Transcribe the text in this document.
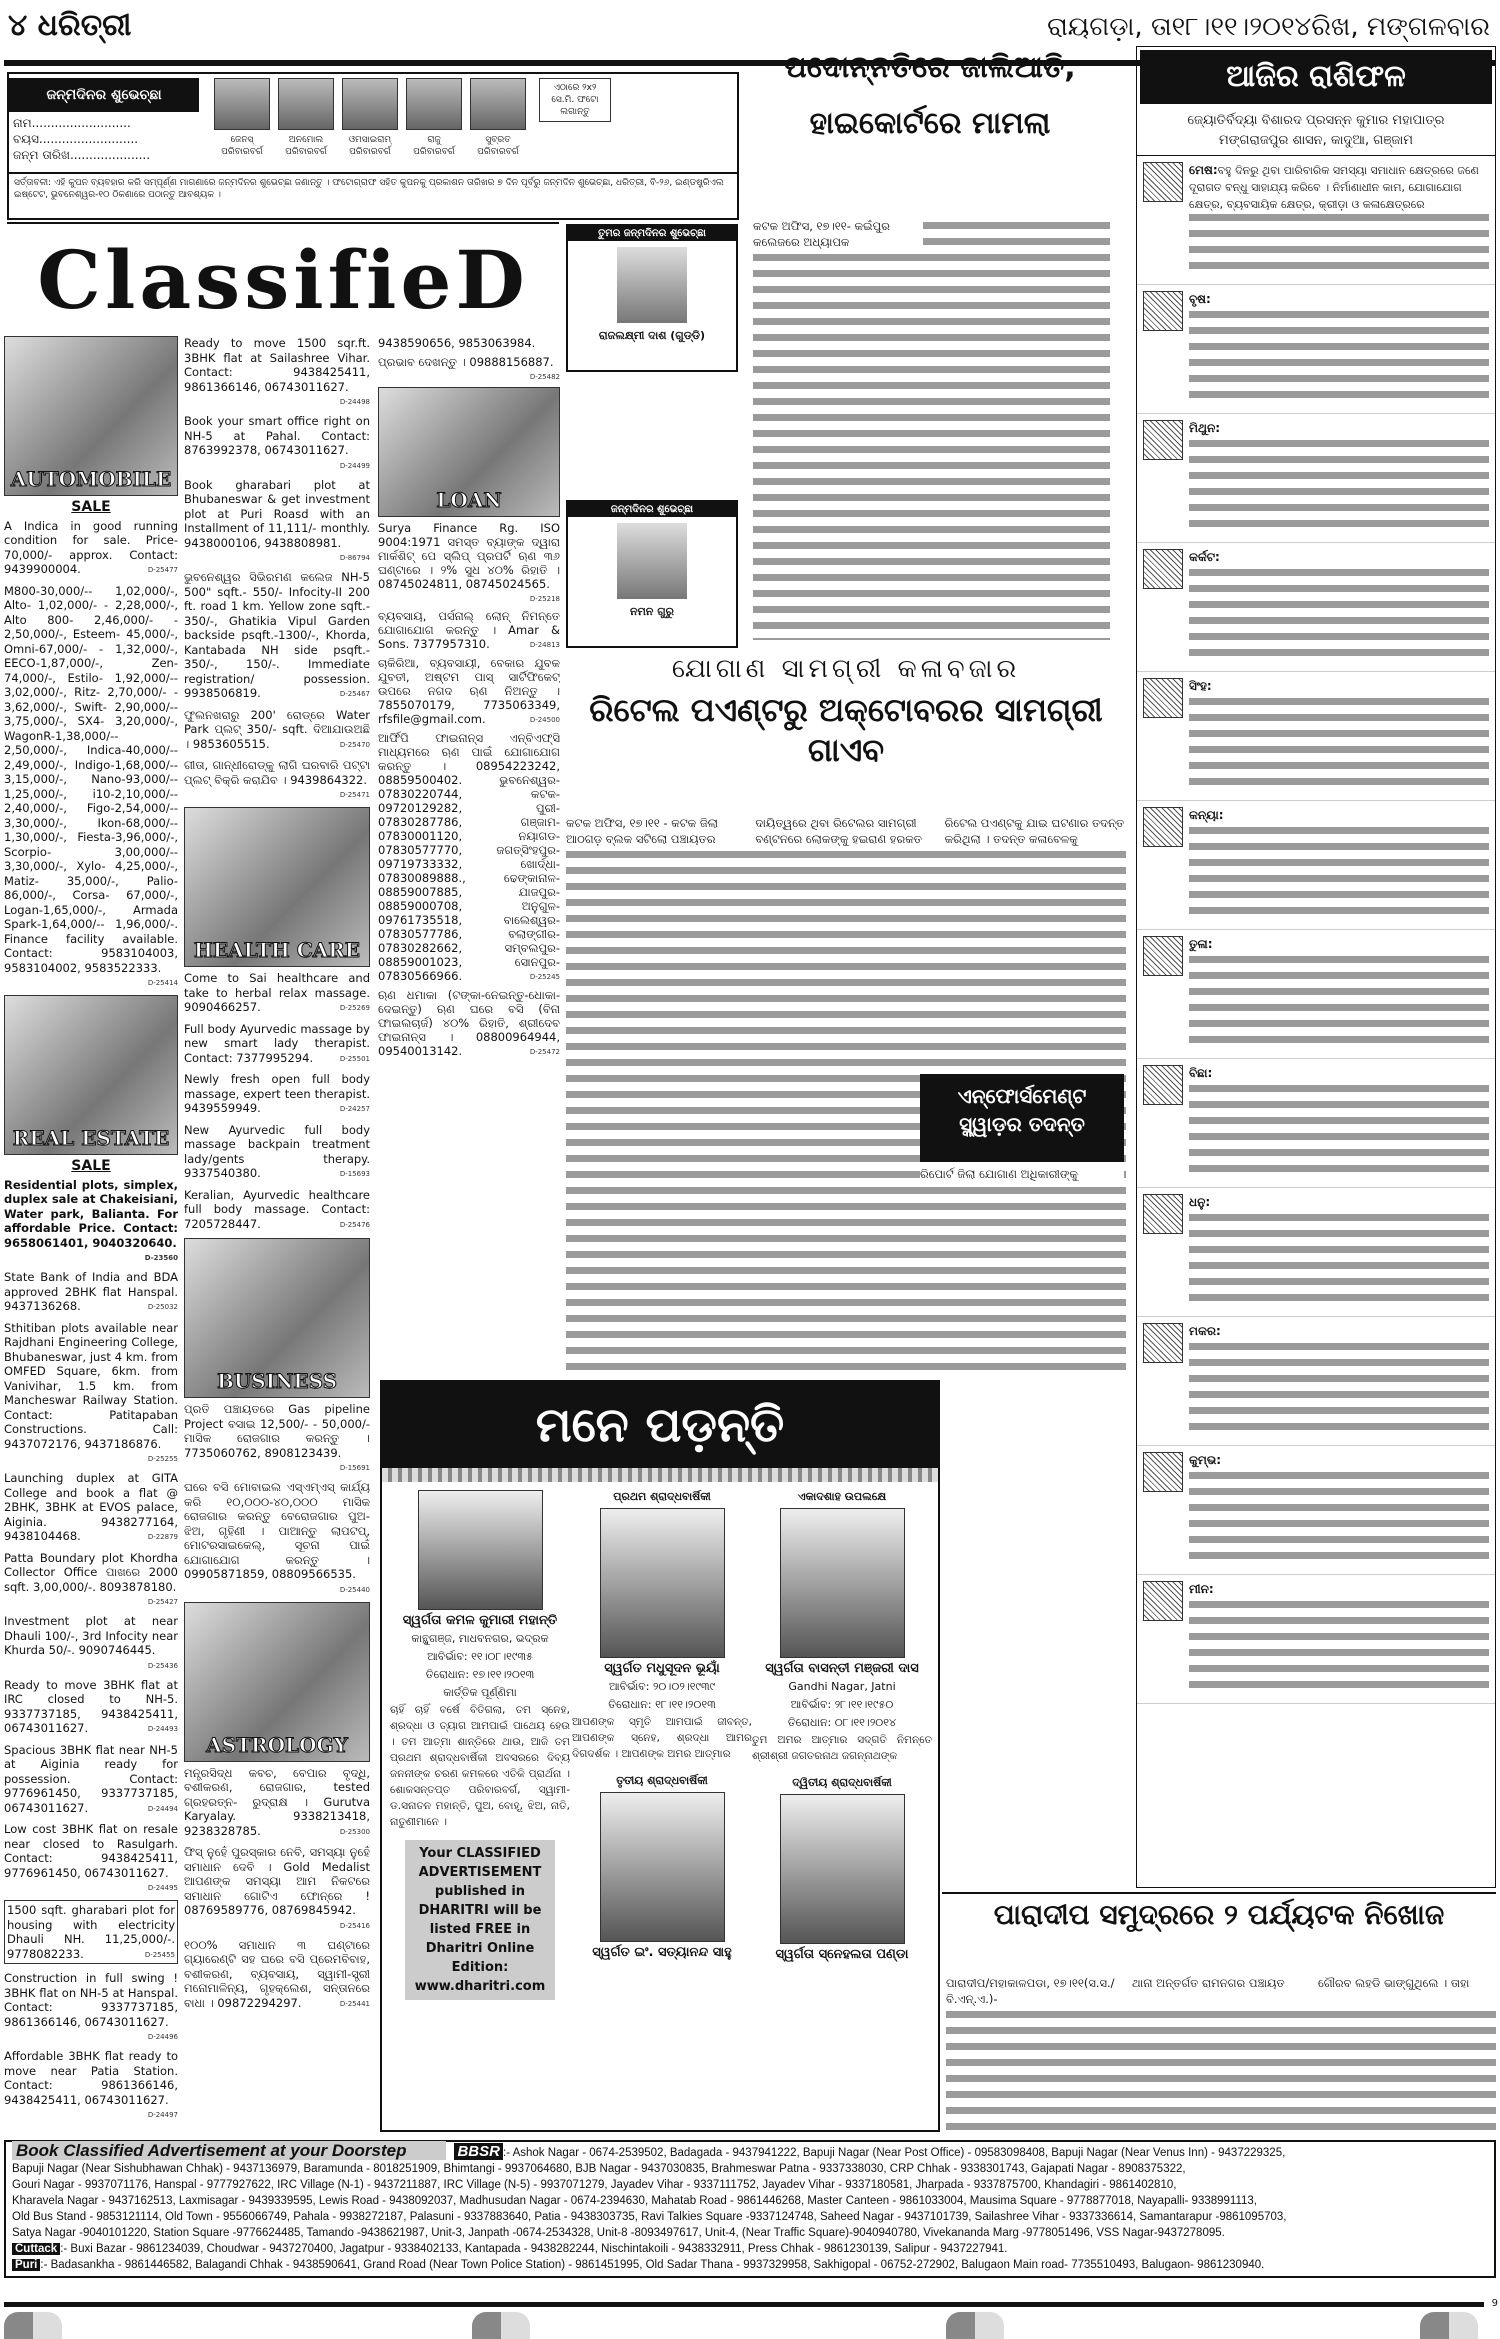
୪ ଧରିତ୍ରୀ	ରାୟଗଡ଼ା, ତା୧୮।୧୧।୨୦୧୪ରିଖ, ମଙ୍ଗଳବାର
ଜନ୍ମଦିନର ଶୁଭେଚ୍ଛା
ନାମ..........................
ବୟସ..........................
ଜନ୍ମ ତାରିଖ.....................
ଜେନସ୍
ପରିବାରବର୍ଗ
ଅନମୋଲ
ପରିବାରବର୍ଗ
ଓମସାଇରାମ୍
ପରିବାରବର୍ଗ
ରାଜୁ
ପରିବାରବର୍ଗ
ସୁବ୍ରତ
ପରିବାରବର୍ଗ
ଏଠାରେ ୨x୨ ସେ.ମି. ଫଟୋ ଲଗାନ୍ତୁ
ସର୍ତ୍ତାବଳୀ: ଏହି କୁପନ ବ୍ୟବହାର କରି ସମ୍ପୂର୍ଣ୍ଣ ମାଗଣାରେ ଜନ୍ମଦିନର ଶୁଭେଚ୍ଛା ଜଣାନ୍ତୁ । ଫଟୋଗ୍ରାଫ ସହିତ କୁପନକୁ ପ୍ରକାଶନ ତାରିଖର ୭ ଦିନ ପୂର୍ବରୁ ଜନ୍ମଦିନ ଶୁଭେଚ୍ଛା, ଧରିତ୍ରୀ, ବି-୨୬, ଇଣ୍ଡଷ୍ଟ୍ରିଏଲ ଇଷ୍ଟେଟ, ଭୁବନେଶ୍ୱର-୧୦ ଠିକଣାରେ ପଠାନ୍ତୁ ଆବଶ୍ୟକ ।
ପଦୋନ୍ନତିରେ ଜାଲିଆତି, ହାଇକୋର୍ଟରେ ମାମଲା
କଟକ ଅଫିସ, ୧୭।୧୧- କଇଁପୁର କଲେଜରେ ଅଧ୍ୟାପକ
ଆଜିର ରାଶିଫଳ
ଜ୍ୟୋତିର୍ବିଦ୍ୟା ବିଶାରଦ ପ୍ରସନ୍ନ କୁମାର ମହାପାତ୍ର
ମଙ୍ଗରାଜପୁର ଶାସନ, କାଦୁଆ, ଗଞ୍ଜାମ
ମେଷ:ବହୁ ଦିନରୁ ଥିବା ପାରିବାରିକ ସମସ୍ୟା ସମାଧାନ କ୍ଷେତ୍ରରେ ଜଣେ ଦୂରାଗତ ବନ୍ଧୁ ସାହାଯ୍ୟ କରିବେ । ନିର୍ମାଣାଧୀନ କାମ, ଯୋଗାଯୋଗ କ୍ଷେତ୍ର, ବ୍ୟବସାୟିକ କ୍ଷେତ୍ର, କ୍ରୀଡ଼ା ଓ କଳାକ୍ଷେତ୍ରରେ
ବୃଷ:
ମିଥୁନ:
କର୍କଟ:
ସିଂହ:
କନ୍ୟା:
ତୁଳା:
ବିଛା:
ଧନୁ:
ମକର:
କୁମ୍ଭ:
ମୀନ:
ClassifieD
AUTOMOBILE
SALE
A Indica in good running condition for sale. Price-70,000/- approx. Contact: 9439900004.	D-25477
M800-30,000/-- 1,02,000/-, Alto- 1,02,000/- - 2,28,000/-, Alto 800- 2,46,000/- - 2,50,000/-, Esteem- 45,000/-, Omni-67,000/- - 1,32,000/-, EECO-1,87,000/-, Zen- 74,000/-, Estilo- 1,92,000/-- 3,02,000/-, Ritz- 2,70,000/- - 3,62,000/-, Swift- 2,90,000/-- 3,75,000/-, SX4- 3,20,000/-, WagonR-1,38,000/-- 2,50,000/-, Indica-40,000/-- 2,49,000/-, Indigo-1,68,000/-- 3,15,000/-, Nano-93,000/-- 1,25,000/-, i10-2,10,000/-- 2,40,000/-, Figo-2,54,000/-- 3,30,000/-, Ikon-68,000/-- 1,30,000/-, Fiesta-3,96,000/-, Scorpio- 3,00,000/-- 3,30,000/-, Xylo- 4,25,000/-, Matiz- 35,000/-, Palio- 86,000/-, Corsa- 67,000/-, Logan-1,65,000/-, Armada Spark-1,64,000/-- 1,96,000/-. Finance facility available. Contact: 9583104003, 9583104002, 9583522333.
D-25414
REAL ESTATE
SALE
Residential plots, simplex, duplex sale at Chakeisiani, Water park, Balianta. For affordable Price. Contact: 9658061401, 9040320640.
D-23560
State Bank of India and BDA approved 2BHK flat Hanspal. 9437136268.	D-25032
Sthitiban plots available near Rajdhani Engineering College, Bhubaneswar, just 4 km. from OMFED Square, 6km. from Vanivihar, 1.5 km. from Mancheswar Railway Station. Contact: Patitapaban Constructions. Call: 9437072176, 9437186876.
D-25255
Launching duplex at GITA College and book a flat @ 2BHK, 3BHK at EVOS palace, Aiginia. 9438277164, 9438104468.	D-22879
Patta Boundary plot Khordha Collector Office ପାଖରେ 2000 sqft. 3,00,000/-. 8093878180.
D-25427
Investment plot at near Dhauli 100/-, 3rd Infocity near Khurda 50/-. 9090746445.
D-25436
Ready to move 3BHK flat at IRC closed to NH-5. 9337737185, 9438425411, 06743011627.	D-24493
Spacious 3BHK flat near NH-5 at Aiginia ready for possession. Contact: 9776961450, 9337737185, 06743011627.	D-24494
Low cost 3BHK flat on resale near closed to Rasulgarh. Contact: 9438425411, 9776961450, 06743011627.
D-24495
1500 sqft. gharabari plot for housing with electricity Dhauli NH. 11,25,000/-. 9778082233.	D-25455
Construction in full swing ! 3BHK flat on NH-5 at Hanspal. Contact: 9337737185, 9861366146, 06743011627.
D-24496
Affordable 3BHK flat ready to move near Patia Station. Contact: 9861366146, 9438425411, 06743011627.
D-24497
Ready to move 1500 sqr.ft. 3BHK flat at Sailashree Vihar. Contact: 9438425411, 9861366146, 06743011627.
D-24498
Book your smart office right on NH-5 at Pahal. Contact: 8763992378, 06743011627.
D-24499
Book gharabari plot at Bhubaneswar & get investment plot at Puri Roasd with an Installment of 11,111/- monthly. 9438000106, 9438808981.
D-86794
ଭୁବନେଶ୍ୱର ସିଭିରମଣ କଲେଜ NH-5 500" sqft.- 550/- Infocity-II 200 ft. road 1 km. Yellow zone sqft.- 350/-, Ghatikia Vipul Garden backside psqft.-1300/-, Khorda, Kantabada NH side psqft.- 350/-, 150/-. Immediate registration/ possession. 9938506819.	D-25467
ଫୁଲନଖରାରୁ 200' ରୋଡ୍‌ରେ Water Park ପ୍ଲଟ୍ 350/- sqft. ଦିଆଯାଉଅଛି । 9853605515.	D-25470
ଗୀତା, ଗାନ୍ଧୀରୋଡ୍‌କୁ ଲାଗି ଘରବାରି ପଟ୍ଟା ପ୍ଲଟ୍ ବିକ୍ରି କରାଯିବ । 9439864322.
D-25471
HEALTH CARE
Come to Sai healthcare and take to herbal relax massage. 9090466257.	D-25269
Full body Ayurvedic massage by new smart lady therapist. Contact: 7377995294.	D-25501
Newly fresh open full body massage, expert teen therapist. 9439559949.	D-24257
New Ayurvedic full body massage backpain treatment lady/gents therapy. 9337540380.	D-15693
Keralian, Ayurvedic healthcare full body massage. Contact: 7205728447.	D-25476
BUSINESS
ପ୍ରତି ପଞ୍ଚାୟତରେ Gas pipeline Project ବସାଇ 12,500/- - 50,000/- ମାସିକ ରୋଜଗାର କରନ୍ତୁ । 7735060762, 8908123439.
D-15691
ଘରେ ବସି ମୋବାଇଲ ଏସ୍‌ଏମ୍‌ଏସ୍ କାର୍ଯ୍ୟ କରି ୧୦,୦୦୦-୪୦,୦୦୦ ମାସିକ ରୋଜଗାର କରନ୍ତୁ ବେରୋଜଗାର ପୁଅ-ଝିଅ, ଗୃହିଣୀ । ପାଆନ୍ତୁ ଲାପଟପ୍, ମୋଟରସାଇକେଲ୍, ସୂଚନା ପାଇଁ ଯୋଗାଯୋଗ କରନ୍ତୁ । 09905871859, 08809566535.
D-25440
ASTROLOGY
ମନ୍ତ୍ରସିଦ୍ଧ କବଚ, ବେପାର ବୃଦ୍ଧି, ବଶୀକରଣ, ରୋଜଗାର, tested ଗ୍ରହରତ୍ନ- ରୁଦ୍ରାକ୍ଷ । Gurutva Karyalay. 9338213418, 9238328785.	D-25300
ଫିସ୍ ନୁହେଁ ପୁରସ୍କାର ନେବି, ସମସ୍ୟା ନୁହେଁ ସମାଧାନ ଦେବି । Gold Medalist ଆପଣଙ୍କ ସମସ୍ୟା ଆମ ନିକଟରେ ସମାଧାନ ଗୋଟିଏ ଫୋନ୍‌ରେ ! 08769589776, 08769845942.
D-25416
୧୦୦% ସମାଧାନ ୩ ଘଣ୍ଟାରେ ଗ୍ୟାରେଣ୍ଟି ସହ ଘରେ ବସି ପ୍ରେମବିବାହ, ବଶୀକରଣ, ବ୍ୟବସାୟ, ସ୍ୱାମୀ-ସ୍ତ୍ରୀ ମନୋମାଳିନ୍ୟ, ଗୃହକ୍ଲେଶ, ସନ୍ତାନରେ ବାଧା । 09872294297.	D-25441
9438590656, 9853063984.
ପ୍ରଭାବ ଦେଖନ୍ତୁ । 09888156887.
D-25482
LOAN
Surya Finance Rg. ISO 9004:1971 ସମସ୍ତ ବ୍ୟାଙ୍କ ଦ୍ୱାରା ମାର୍କଶିଟ୍ ପେ ସ୍ଲିପ୍ ପ୍ରପର୍ଟି ଋଣ ୩୬ ଘଣ୍ଟାରେ । ୨% ସୁଧ ୪୦% ରିହାତି । 08745024811, 08745024565.
D-25218
ବ୍ୟବସାୟ, ପର୍ସନାଲ୍ ଲୋନ୍ ନିମନ୍ତେ ଯୋଗାଯୋଗ କରନ୍ତୁ । Amar & Sons. 7377957310.	D-24813
ଚାକିରିଆ, ବ୍ୟବସାୟୀ, ବେକାର ଯୁବକ ଯୁବତୀ, ଅଷ୍ଟମ ପାସ୍ ସାର୍ଟିଫିକେଟ୍ ଉପରେ ନଗଦ ଋଣ ନିଅନ୍ତୁ । 7855070179, 7735063349, rfsfile@gmail.com.	D-24500
ଆର୍ଫିପି ଫାଇନାନ୍ସ ଏନ୍‌ବିଏଫ୍‌ସି ମାଧ୍ୟମରେ ଋଣ ପାଇଁ ଯୋଗାଯୋଗ କରନ୍ତୁ । 08954223242, 08859500402. ଭୁବନେଶ୍ୱର- 07830220744, କଟକ- 09720129282, ପୁରୀ- 07830287786, ଗଞ୍ଜାମ- 07830001120, ନୟାଗଡ- 07830577770, ଜଗତ୍‌ସିଂହପୁର- 09719733332, ଖୋର୍ଦ୍ଧା- 07830089888., ଢେଙ୍କାନାଳ- 08859007885, ଯାଜପୁର- 08859000708, ଅନୁଗୁଳ- 09761735518, ବାଲେଶ୍ୱର- 07830577786, ବଲାଙ୍ଗୀର- 07830282662, ସମ୍ବଲପୁର- 08859001023, ସୋନପୁର- 07830566966.	D-25245
ଋଣ ଧମାକା (ଟଙ୍କା-ନେଇନ୍ତୁ-ଧୋକା-ଦେଇନ୍ତୁ) ଋଣ ଘରେ ବସି (ବିନା ଫାଇଲଚାର୍ଜ) ୪୦% ରିହାତି, ଶ୍ରୀଦେବ ଫାଇନାନ୍ସ । 08800964944, 09540013142.	D-25472
ତୁମର ଜନ୍ମଦିନର ଶୁଭେଚ୍ଛା
ରାଜଲକ୍ଷ୍ମୀ ଦାଶ (ଗୁଡ୍ଡି)
ଜନ୍ମଦିନର ଶୁଭେଚ୍ଛା
ନମନ ଗୁରୁ
ଯୋଗାଣ ସାମଗ୍ରୀ କଳାବଜାର
ରିଟେଲ ପଏଣ୍ଟରୁ ଅକ୍ଟୋବରର ସାମଗ୍ରୀ ଗାଏବ
କଟକ ଅଫିସ, ୧୭।୧୧ - କଟକ ଜିଲା ଆଠଗଡ଼ ବ୍ଲକ ସଟିଲୋ ପଞ୍ଚାୟତର
ଦାୟିତ୍ୱରେ ଥିବା ରିଟେଲର ସାମଗ୍ରୀ ବଣ୍ଟନରେ ଲୋକଙ୍କୁ ହଇରାଣ ହରକତ
ରିଟେଲ ପଏଣ୍ଟକୁ ଯାଇ ଘଟଣାର ତଦନ୍ତ କରିଥିଲା । ତଦନ୍ତ କଳାବେଳକୁ
ଏନ୍‌ଫୋର୍ସମେଣ୍ଟ ସ୍କ୍ୱାଡ଼ର ତଦନ୍ତ
ରିପୋର୍ଟ ଜିଲା ଯୋଗାଣ ଅଧିକାରୀଙ୍କୁ
ମନେ ପଡ଼ନ୍ତି
ସ୍ୱର୍ଗତା କମଳ କୁମାରୀ ମହାନ୍ତି
କାନ୍ଥୁଗଞ୍ଜ, ମାଧବନଗର, ଭଦ୍ରକ
ଆବିର୍ଭାବ: ୧୧।୦୮।୧୯୩୫
ତିରୋଧାନ: ୧୭।୧୧।୨୦୧୩
କାର୍ତ୍ତିକ ପୂର୍ଣ୍ଣିମା
ଚାହିଁ ଚାହିଁ ବର୍ଷେ ବିତିଗଲା, ତମ ସ୍ନେହ, ଶ୍ରଦ୍ଧା ଓ ତ୍ୟାଗ ଆମପାଇଁ ପାଥେୟ ହେଉ । ତମ ଆତ୍ମା ଶାନ୍ତିରେ ଥାଉ, ଆଜି ତମ ପ୍ରଥମ ଶ୍ରାଦ୍ଧବାର୍ଷିକୀ ଅବସରରେ ଦିବ୍ୟ ଜନନୀଙ୍କ ଚରଣ କମଳରେ ଏତିକି ପ୍ରାର୍ଥନା । ଶୋକସନ୍ତପ୍ତ ପରିବାରବର୍ଗ, ସ୍ୱାମୀ- ଡ.ସନାତନ ମହାନ୍ତି, ପୁଅ, ବୋହୂ, ଝିଅ, ନାତି, ନାତୁଣୀମାନେ ।
Your CLASSIFIED ADVERTISEMENT published in DHARITRI will be listed FREE in Dharitri Online Edition: www.dharitri.com
ପ୍ରଥମ ଶ୍ରାଦ୍ଧବାର୍ଷିକୀ
ସ୍ୱର୍ଗତ ମଧୁସୂଦନ ଭୂୟାଁ
ଆବିର୍ଭାବ: ୨୦।୦୨।୧୯୩୯
ତିରୋଧାନ: ୧୮।୧୧।୨୦୧୩
ଆପଣଙ୍କ ସ୍ମୃତି ଆମପାଇଁ ଜୀବନ୍ତ, ଆପଣଙ୍କ ସ୍ନେହ, ଶ୍ରଦ୍ଧା ଆମର ଦିଗଦର୍ଶକ । ଆପଣଙ୍କ ଅମର ଆତ୍ମାର
ତୃତୀୟ ଶ୍ରାଦ୍ଧବାର୍ଷିକୀ
ସ୍ୱର୍ଗତ ଇଂ. ସତ୍ୟାନନ୍ଦ ସାହୁ
ଏକାଦଶାହ ଉପଲକ୍ଷେ
ସ୍ୱର୍ଗତା ବାସନ୍ତୀ ମଞ୍ଜରୀ ଦାସ
Gandhi Nagar, Jatni
ଆବିର୍ଭାବ: ୨୮।୧୧।୧୯୫୦
ତିରୋଧାନ: ୦୮।୧୧।୨୦୧୪
ତୁମ ଅମର ଆତ୍ମାର ସଦ୍‌ଗତି ନିମନ୍ତେ ଶ୍ରୀଶ୍ରୀ ଜଗତରନାଥ ଜଗନ୍ନାଥଙ୍କ
ଦ୍ୱିତୀୟ ଶ୍ରାଦ୍ଧବାର୍ଷିକୀ
ସ୍ୱର୍ଗତା ସ୍ନେହଲତା ପଣ୍ଡା
ପାରାଦୀପ ସମୁଦ୍ରରେ ୨ ପର୍ଯ୍ୟଟକ ନିଖୋଜ
ପାରାଦୀପ/ମହାକାଳପଡା, ୧୭।୧୧(ସ.ସ./ବି.ଏନ୍.ଏ.)-
ଥାନା ଅନ୍ତର୍ଗତ ରାମନଗର ପଞ୍ଚାୟତ	ଗୌରବ ଲହଡି ଭାଙ୍ଗୁଥିଲେ । ତାହା
Book Classified Advertisement at your Doorstep	BBSR :- Ashok Nagar - 0674-2539502, Badagada - 9437941222, Bapuji Nagar (Near Post Office) - 09583098408, Bapuji Nagar (Near Venus Inn) - 9437229325,
Bapuji Nagar (Near Sishubhawan Chhak) - 9437136979, Baramunda - 8018251909, Bhimtangi - 9937064680, BJB Nagar - 9437030835, Brahmeswar Patna - 9337338030, CRP Chhak - 9338301743, Gajapati Nagar - 8908375322,
Gouri Nagar - 9937071176, Hanspal - 9777927622, IRC Village (N-1) - 9437211887, IRC Village (N-5) - 9937071279, Jayadev Vihar - 9337111752, Jayadev Vihar - 9337180581, Jharpada - 9337875700, Khandagiri - 9861402810,
Kharavela Nagar - 9437162513, Laxmisagar - 9439339595, Lewis Road - 9438092037, Madhusudan Nagar - 0674-2394630, Mahatab Road - 9861446268, Master Canteen - 9861033004, Mausima Square - 9778877018, Nayapalli- 9338991113,
Old Bus Stand - 9853121114, Old Town - 9556066749, Pahala - 9938272187, Palasuni - 9337883640, Patia - 9438303735, Ravi Talkies Square -9337124748, Saheed Nagar - 9437101739, Sailashree Vihar - 9337336614, Samantarapur -9861095703,
Satya Nagar -9040101220, Station Square -9776624485, Tamando -9438621987, Unit-3, Janpath -0674-2534328, Unit-8 -8093497617, Unit-4, (Near Traffic Square)-9040940780, Vivekananda Marg -9778051496, VSS Nagar-9437278095.
Cuttack :- Buxi Bazar - 9861234039, Choudwar - 9437270400, Jagatpur - 9338402133, Kantapada - 9438282244, Nischintakoili - 9438332911, Press Chhak - 9861230139, Salipur - 9437227941.
Puri :- Badasankha - 9861446582, Balagandi Chhak - 9438590641, Grand Road (Near Town Police Station) - 9861451995, Old Sadar Thana - 9937329958, Sakhigopal - 06752-272902, Balugaon Main road- 7735510493, Balugaon- 9861230940.
9
